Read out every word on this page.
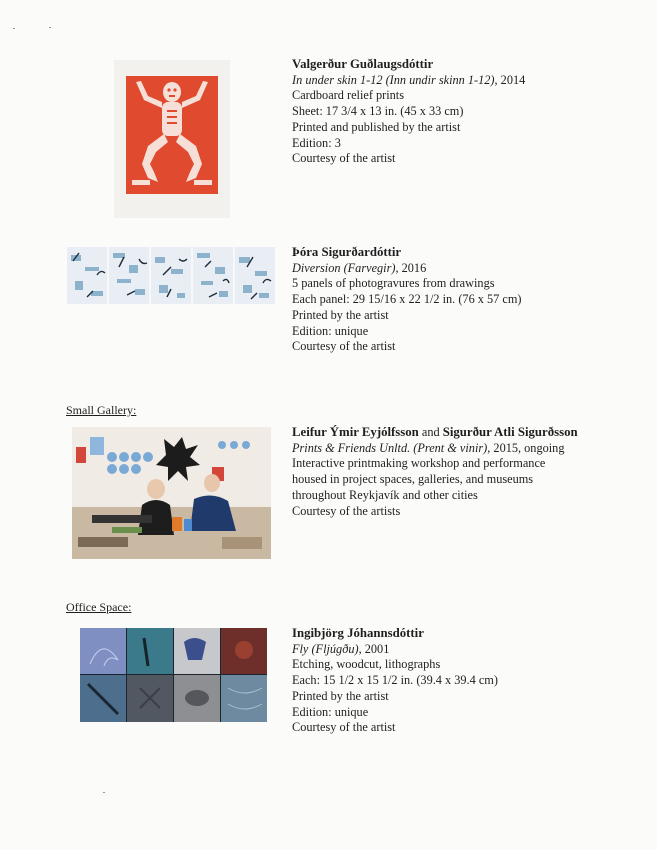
Small Gallery:
Office Space:
Valgerður Guðlaugsdóttir
In under skin 1-12 (Inn undir skinn 1-12), 2014
Cardboard relief prints
Sheet: 17 3/4 x 13 in. (45 x 33 cm)
Printed and published by the artist
Edition: 3
Courtesy of the artist
Þóra Sigurðardóttir
Diversion (Farvegir), 2016
5 panels of photogravures from drawings
Each panel: 29 15/16 x 22 1/2 in. (76 x 57 cm)
Printed by the artist
Edition: unique
Courtesy of the artist
Leifur Ýmir Eyjólfsson and Sigurður Atli Sigurðsson
Prints & Friends Unltd. (Prent & vinir), 2015, ongoing
Interactive printmaking workshop and performance
housed in project spaces, galleries, and museums
throughout Reykjavík and other cities
Courtesy of the artists
Ingibjörg Jóhannsdóttir
Fly (Fljúgðu), 2001
Etching, woodcut, lithographs
Each: 15 1/2 x 15 1/2 in. (39.4 x 39.4 cm)
Printed by the artist
Edition: unique
Courtesy of the artist
